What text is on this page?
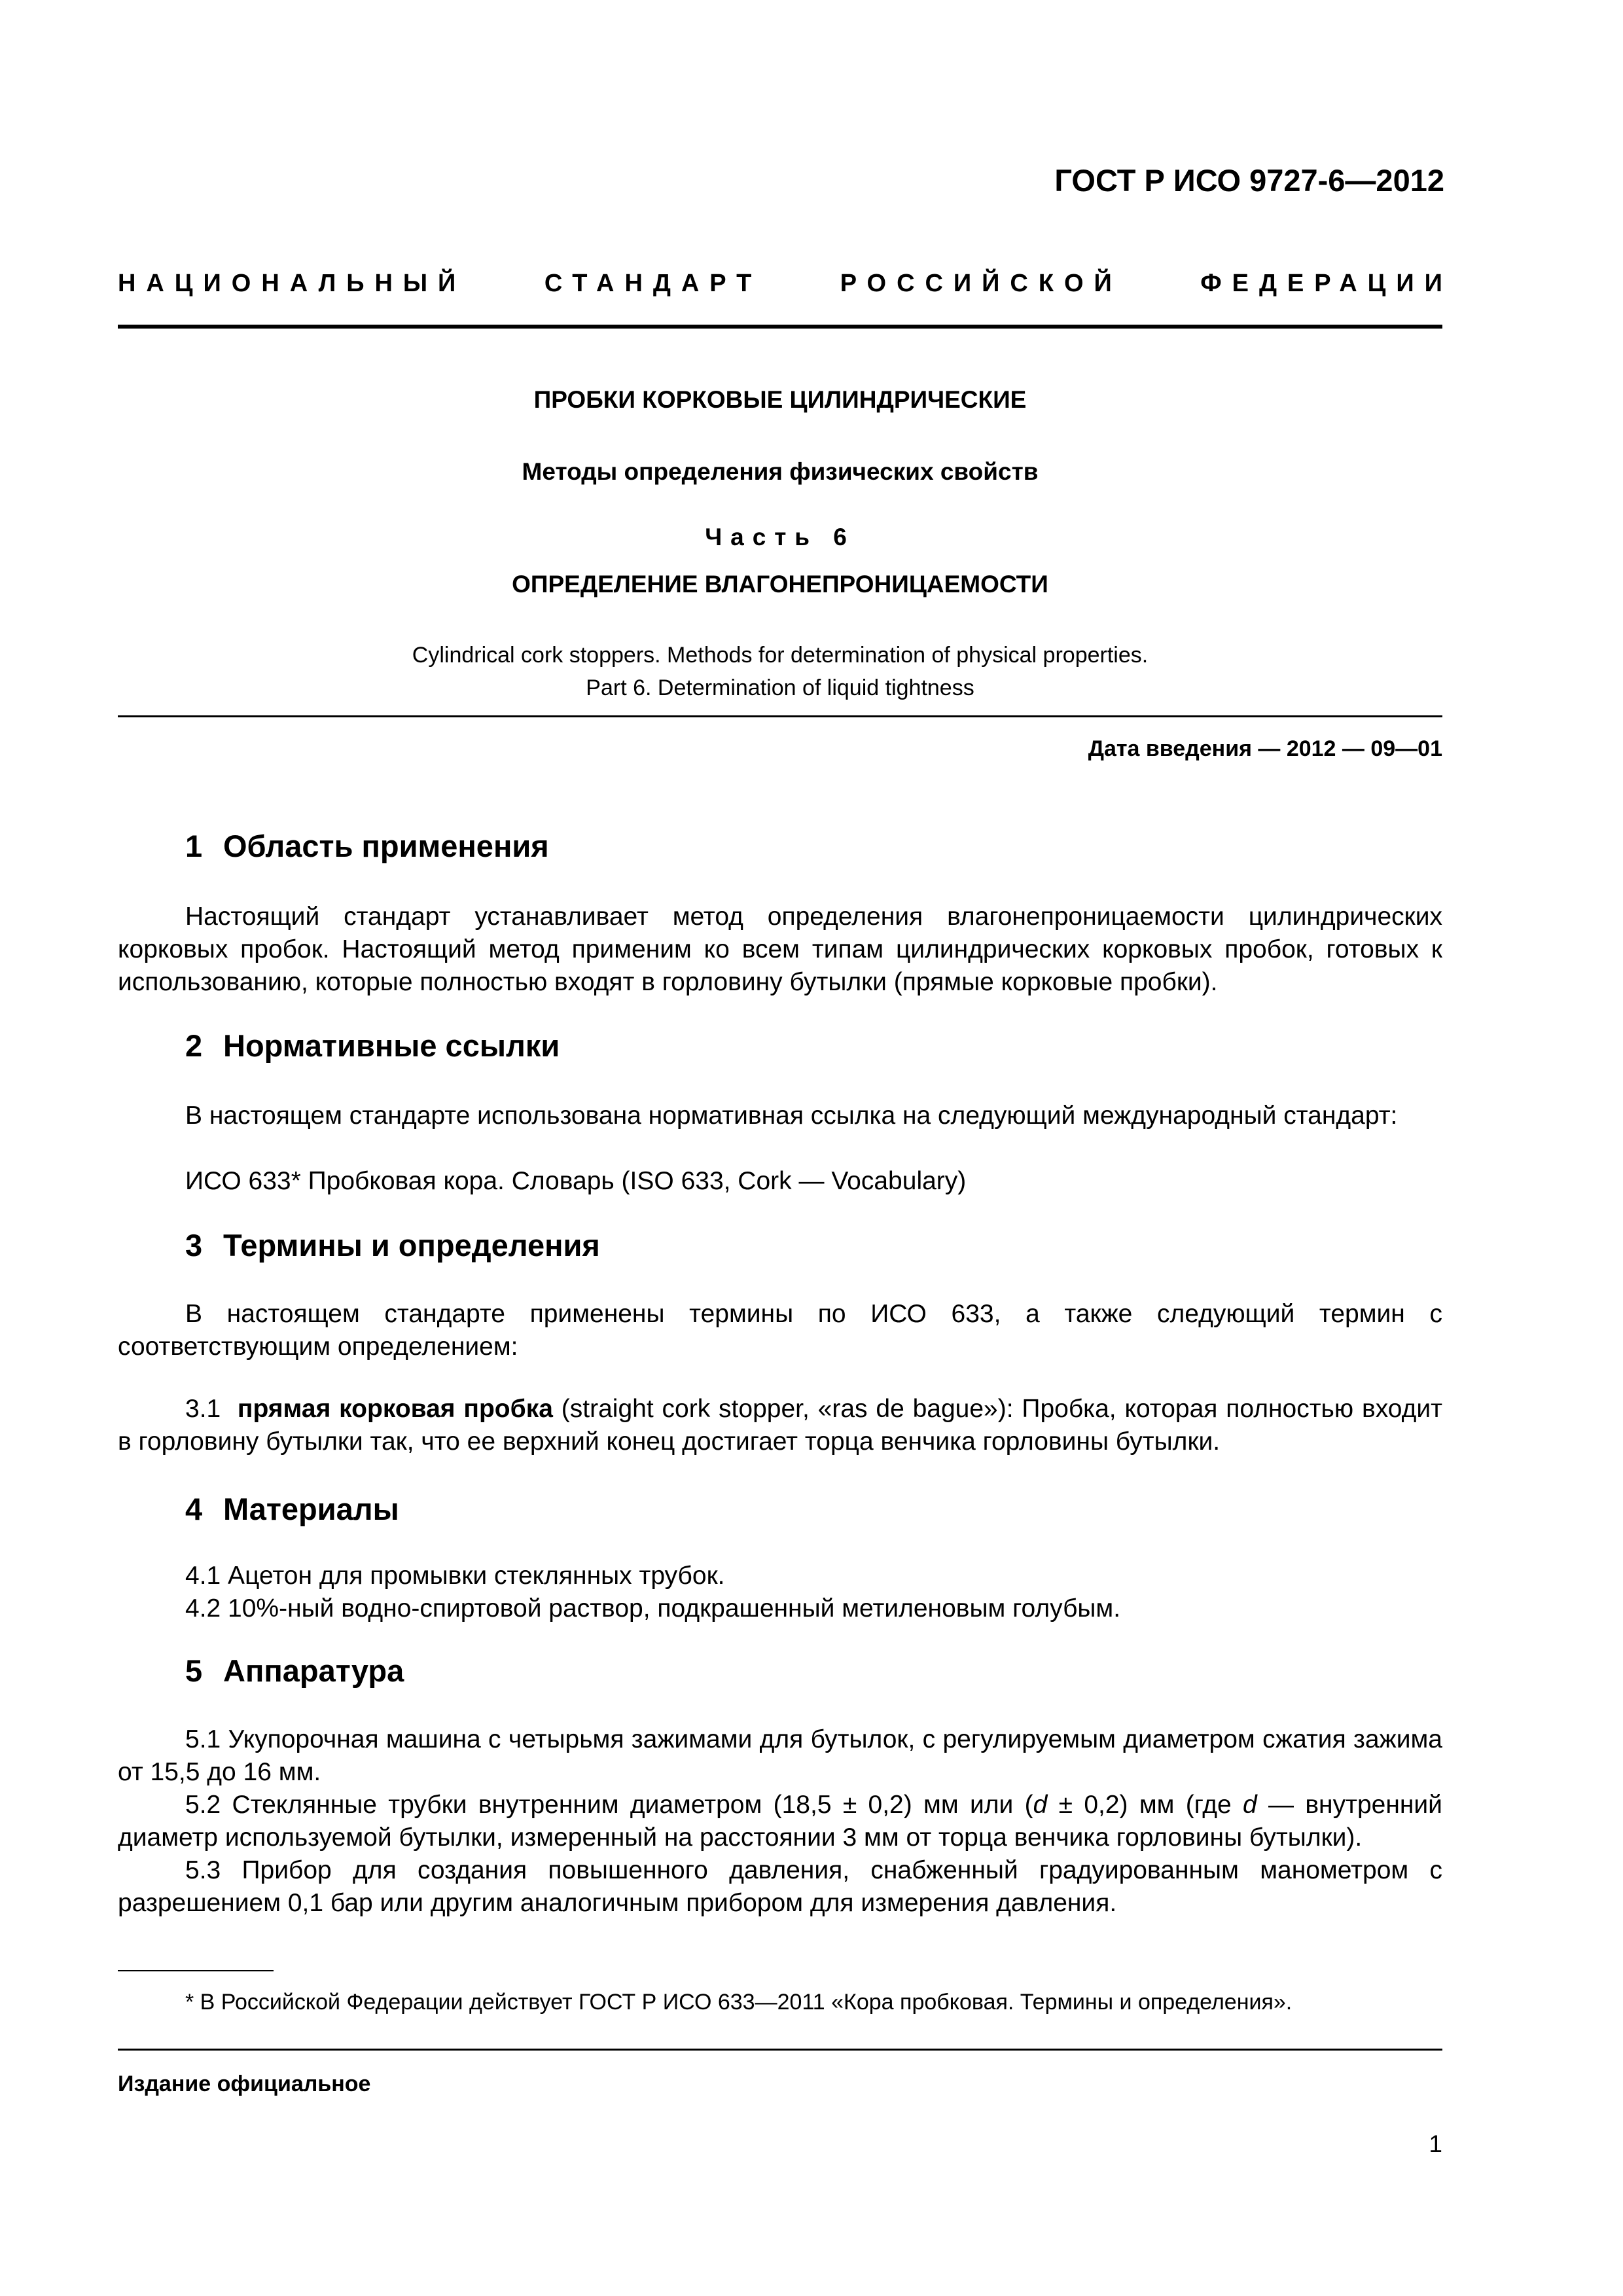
ГОСТ Р ИСО 9727-6—2012

НАЦИОНАЛЬНЫЙ	СТАНДАРТ	РОССИЙСКОЙ	ФЕДЕРАЦИИ

ПРОБКИ КОРКОВЫЕ ЦИЛИНДРИЧЕСКИЕ

Методы определения физических свойств

Часть 6

ОПРЕДЕЛЕНИЕ ВЛАГОНЕПРОНИЦАЕМОСТИ

Cylindrical cork stoppers. Methods for determination of physical properties.
Part 6. Determination of liquid tightness

Дата введения — 2012 — 09—01

1 Область применения

Настоящий стандарт устанавливает метод определения влагонепроницаемости цилиндрических корковых пробок. Настоящий метод применим ко всем типам цилиндрических корковых пробок, готовых к использованию, которые полностью входят в горловину бутылки (прямые корковые пробки).

2 Нормативные ссылки

В настоящем стандарте использована нормативная ссылка на следующий международный стандарт:

ИСО 633* Пробковая кора. Словарь (ISO 633, Cork — Vocabulary)

3 Термины и определения

В настоящем стандарте применены термины по ИСО 633, а также следующий термин с соответствующим определением:

3.1 прямая корковая пробка (straight cork stopper, «ras de bague»): Пробка, которая полностью входит в горловину бутылки так, что ее верхний конец достигает торца венчика горловины бутылки.

4 Материалы

4.1 Ацетон для промывки стеклянных трубок.

4.2 10%-ный водно-спиртовой раствор, подкрашенный метиленовым голубым.

5 Аппаратура

5.1 Укупорочная машина с четырьмя зажимами для бутылок, с регулируемым диаметром сжатия зажима от 15,5 до 16 мм.

5.2 Стеклянные трубки внутренним диаметром (18,5 ± 0,2) мм или (d ± 0,2) мм (где d — внутренний диаметр используемой бутылки, измеренный на расстоянии 3 мм от торца венчика горловины бутылки).

5.3 Прибор для создания повышенного давления, снабженный градуированным манометром с разрешением 0,1 бар или другим аналогичным прибором для измерения давления.

* В Российской Федерации действует ГОСТ Р ИСО 633—2011 «Кора пробковая. Термины и определения».

Издание официальное

1
